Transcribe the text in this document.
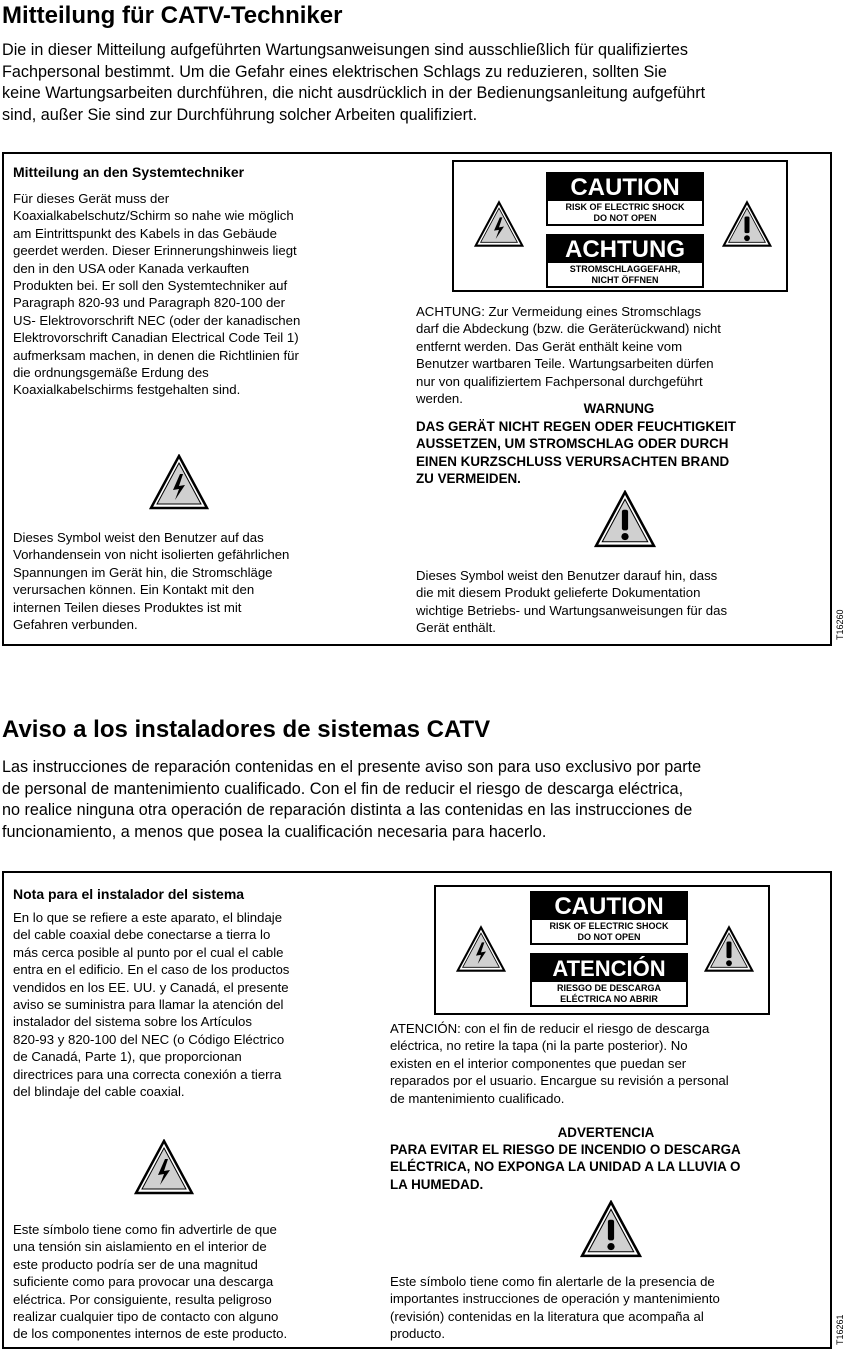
Mitteilung für CATV-Techniker
Die in dieser Mitteilung aufgeführten Wartungsanweisungen sind ausschließlich für qualifiziertes
Fachpersonal bestimmt. Um die Gefahr eines elektrischen Schlags zu reduzieren, sollten Sie
keine Wartungsarbeiten durchführen, die nicht ausdrücklich in der Bedienungsanleitung aufgeführt
sind, außer Sie sind zur Durchführung solcher Arbeiten qualifiziert.
Mitteilung an den Systemtechniker
Für dieses Gerät muss der
Koaxialkabelschutz/Schirm so nahe wie möglich
am Eintrittspunkt des Kabels in das Gebäude
geerdet werden. Dieser Erinnerungshinweis liegt
den in den USA oder Kanada verkauften
Produkten bei. Er soll den Systemtechniker auf
Paragraph 820-93 und Paragraph 820-100 der
US- Elektrovorschrift NEC (oder der kanadischen
Elektrovorschrift Canadian Electrical Code Teil 1)
aufmerksam machen, in denen die Richtlinien für
die ordnungsgemäße Erdung des
Koaxialkabelschirms festgehalten sind.
Dieses Symbol weist den Benutzer auf das
Vorhandensein von nicht isolierten gefährlichen
Spannungen im Gerät hin, die Stromschläge
verursachen können. Ein Kontakt mit den
internen Teilen dieses Produktes ist mit
Gefahren verbunden.
CAUTION
RISK OF ELECTRIC SHOCK
DO NOT OPEN
ACHTUNG
STROMSCHLAGGEFAHR,
NICHT ÖFFNEN
ACHTUNG: Zur Vermeidung eines Stromschlags
darf die Abdeckung (bzw. die Geräterückwand) nicht
entfernt werden. Das Gerät enthält keine vom
Benutzer wartbaren Teile. Wartungsarbeiten dürfen
nur von qualifiziertem Fachpersonal durchgeführt
werden.
WARNUNG
DAS GERÄT NICHT REGEN ODER FEUCHTIGKEIT
AUSSETZEN, UM STROMSCHLAG ODER DURCH
EINEN KURZSCHLUSS VERURSACHTEN BRAND
ZU VERMEIDEN.
Dieses Symbol weist den Benutzer darauf hin, dass
die mit diesem Produkt gelieferte Dokumentation
wichtige Betriebs- und Wartungsanweisungen für das
Gerät enthält.	T16260
Aviso a los instaladores de sistemas CATV
Las instrucciones de reparación contenidas en el presente aviso son para uso exclusivo por parte
de personal de mantenimiento cualificado. Con el fin de reducir el riesgo de descarga eléctrica,
no realice ninguna otra operación de reparación distinta a las contenidas en las instrucciones de
funcionamiento, a menos que posea la cualificación necesaria para hacerlo.
Nota para el instalador del sistema
En lo que se refiere a este aparato, el blindaje
del cable coaxial debe conectarse a tierra lo
más cerca posible al punto por el cual el cable
entra en el edificio. En el caso de los productos
vendidos en los EE. UU. y Canadá, el presente
aviso se suministra para llamar la atención del
instalador del sistema sobre los Artículos
820-93 y 820-100 del NEC (o Código Eléctrico
de Canadá, Parte 1), que proporcionan
directrices para una correcta conexión a tierra
del blindaje del cable coaxial.
Este símbolo tiene como fin advertirle de que
una tensión sin aislamiento en el interior de
este producto podría ser de una magnitud
suficiente como para provocar una descarga
eléctrica. Por consiguiente, resulta peligroso
realizar cualquier tipo de contacto con alguno
de los componentes internos de este producto.
CAUTION
RISK OF ELECTRIC SHOCK
DO NOT OPEN
ATENCIÓN
RIESGO DE DESCARGA
ELÉCTRICA NO ABRIR
ATENCIÓN: con el fin de reducir el riesgo de descarga
eléctrica, no retire la tapa (ni la parte posterior). No
existen en el interior componentes que puedan ser
reparados por el usuario. Encargue su revisión a personal
de mantenimiento cualificado.
ADVERTENCIA
PARA EVITAR EL RIESGO DE INCENDIO O DESCARGA
ELÉCTRICA, NO EXPONGA LA UNIDAD A LA LLUVIA O
LA HUMEDAD.
Este símbolo tiene como fin alertarle de la presencia de
importantes instrucciones de operación y mantenimiento
(revisión) contenidas en la literatura que acompaña al
producto.	T16261
